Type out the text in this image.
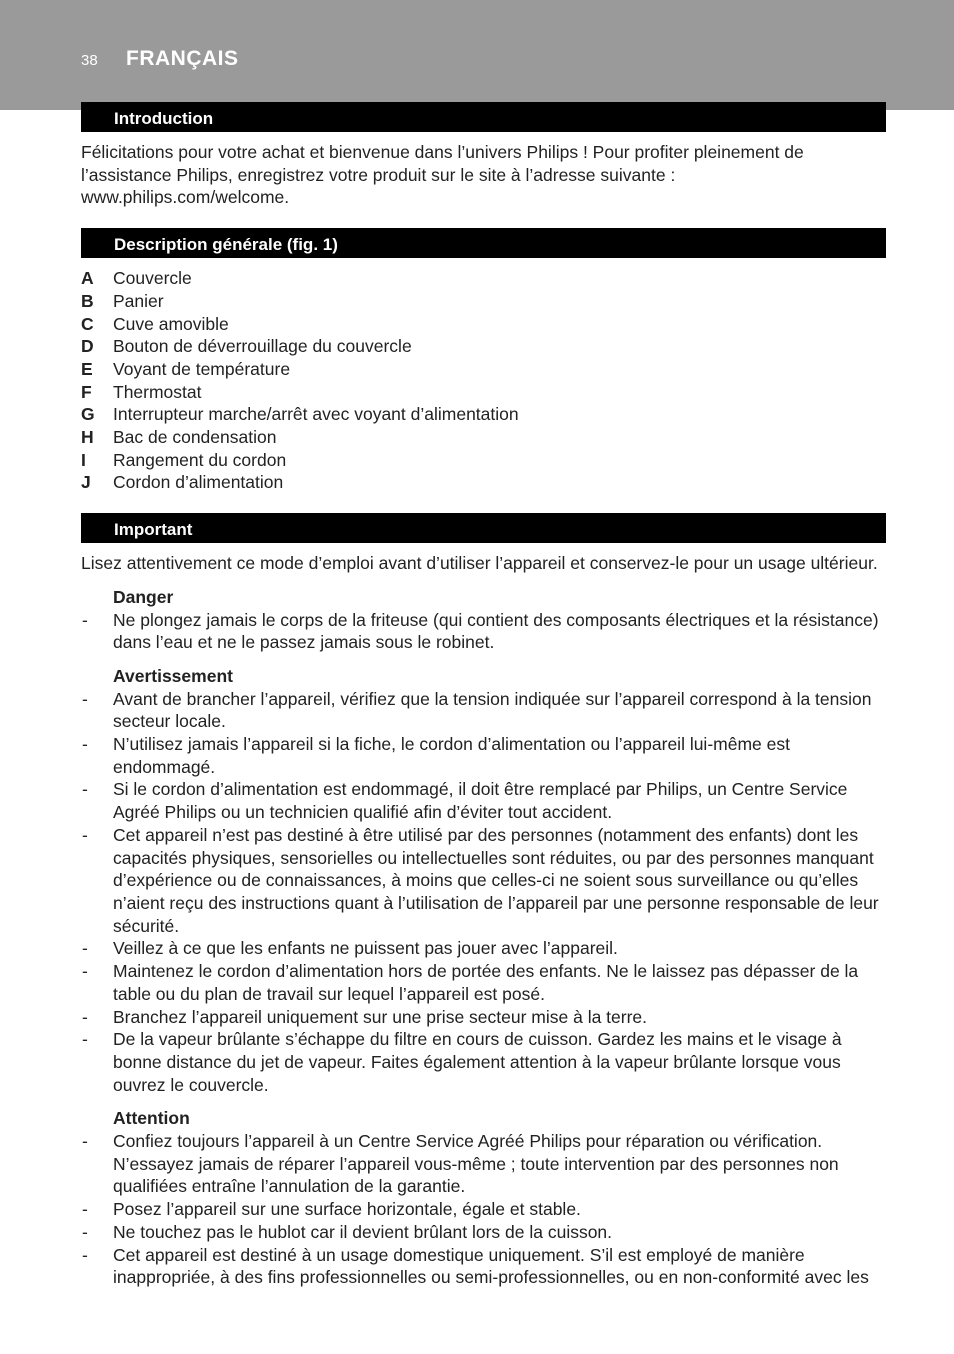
38 FRANÇAIS
Introduction

Félicitations pour votre achat et bienvenue dans l’univers Philips ! Pour profiter pleinement de l’assistance Philips, enregistrez votre produit sur le site à l’adresse suivante : www.philips.com/welcome.

Description générale (fig. 1)
A Couvercle
B Panier
C Cuve amovible
D Bouton de déverrouillage du couvercle
E Voyant de température
F Thermostat
G Interrupteur marche/arrêt avec voyant d’alimentation
H Bac de condensation
I Rangement du cordon
J Cordon d’alimentation
Important

Lisez attentivement ce mode d’emploi avant d’utiliser l’appareil et conservez-le pour un usage ultérieur.

Danger
- Ne plongez jamais le corps de la friteuse (qui contient des composants électriques et la résistance) dans l’eau et ne le passez jamais sous le robinet.
Avertissement
- Avant de brancher l’appareil, vérifiez que la tension indiquée sur l’appareil correspond à la tension secteur locale.
- N’utilisez jamais l’appareil si la fiche, le cordon d’alimentation ou l’appareil lui-même est endommagé.
- Si le cordon d’alimentation est endommagé, il doit être remplacé par Philips, un Centre Service Agréé Philips ou un technicien qualifié afin d’éviter tout accident.
- Cet appareil n’est pas destiné à être utilisé par des personnes (notamment des enfants) dont les capacités physiques, sensorielles ou intellectuelles sont réduites, ou par des personnes manquant d’expérience ou de connaissances, à moins que celles-ci ne soient sous surveillance ou qu’elles n’aient reçu des instructions quant à l’utilisation de l’appareil par une personne responsable de leur sécurité.
- Veillez à ce que les enfants ne puissent pas jouer avec l’appareil.
- Maintenez le cordon d’alimentation hors de portée des enfants. Ne le laissez pas dépasser de la table ou du plan de travail sur lequel l’appareil est posé.
- Branchez l’appareil uniquement sur une prise secteur mise à la terre.
- De la vapeur brûlante s’échappe du filtre en cours de cuisson. Gardez les mains et le visage à bonne distance du jet de vapeur. Faites également attention à la vapeur brûlante lorsque vous ouvrez le couvercle.
Attention
- Confiez toujours l’appareil à un Centre Service Agréé Philips pour réparation ou vérification. N’essayez jamais de réparer l’appareil vous-même ; toute intervention par des personnes non qualifiées entraîne l’annulation de la garantie.
- Posez l’appareil sur une surface horizontale, égale et stable.
- Ne touchez pas le hublot car il devient brûlant lors de la cuisson.
- Cet appareil est destiné à un usage domestique uniquement. S’il est employé de manière inappropriée, à des fins professionnelles ou semi-professionnelles, ou en non-conformité avec les
